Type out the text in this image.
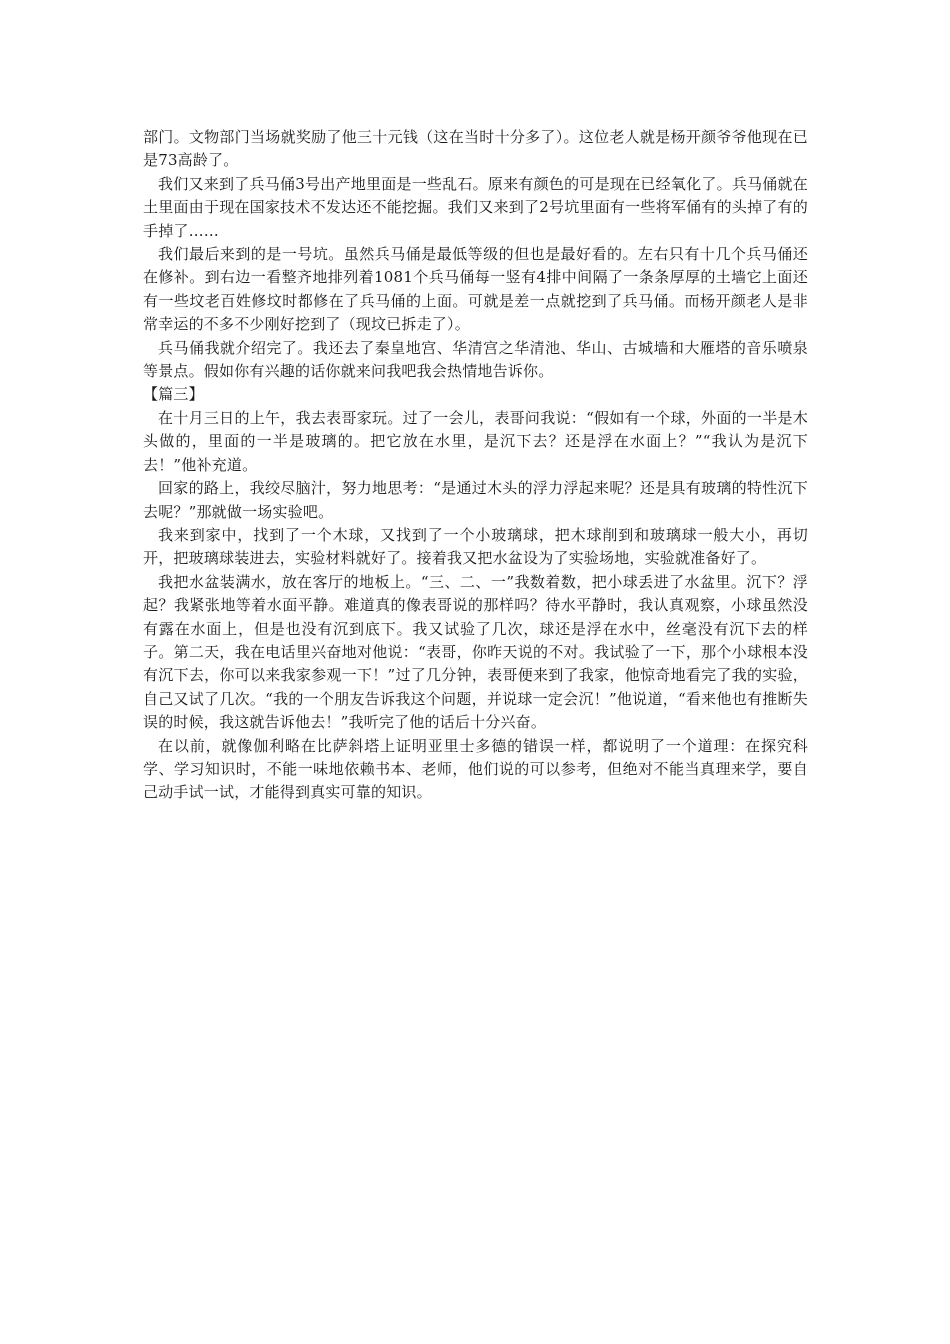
部门。文物部门当场就奖励了他三十元钱（这在当时十分多了）。这位老人就是杨开颜爷爷他现在已是73高龄了。

我们又来到了兵马俑3号出产地里面是一些乱石。原来有颜色的可是现在已经氧化了。兵马俑就在土里面由于现在国家技术不发达还不能挖掘。我们又来到了2号坑里面有一些将军俑有的头掉了有的手掉了……

我们最后来到的是一号坑。虽然兵马俑是最低等级的但也是最好看的。左右只有十几个兵马俑还在修补。到右边一看整齐地排列着1081个兵马俑每一竖有4排中间隔了一条条厚厚的土墙它上面还有一些坟老百姓修坟时都修在了兵马俑的上面。可就是差一点就挖到了兵马俑。而杨开颜老人是非常幸运的不多不少刚好挖到了（现坟已拆走了）。

兵马俑我就介绍完了。我还去了秦皇地宫、华清宫之华清池、华山、古城墙和大雁塔的音乐喷泉等景点。假如你有兴趣的话你就来问我吧我会热情地告诉你。

【篇三】

在十月三日的上午，我去表哥家玩。过了一会儿，表哥问我说：“假如有一个球，外面的一半是木头做的，里面的一半是玻璃的。把它放在水里，是沉下去？还是浮在水面上？”“我认为是沉下去！”他补充道。

回家的路上，我绞尽脑汁，努力地思考：“是通过木头的浮力浮起来呢？还是具有玻璃的特性沉下去呢？”那就做一场实验吧。

我来到家中，找到了一个木球，又找到了一个小玻璃球，把木球削到和玻璃球一般大小，再切开，把玻璃球装进去，实验材料就好了。接着我又把水盆设为了实验场地，实验就准备好了。

我把水盆装满水，放在客厅的地板上。“三、二、一”我数着数，把小球丢进了水盆里。沉下？浮起？我紧张地等着水面平静。难道真的像表哥说的那样吗？待水平静时，我认真观察，小球虽然没有露在水面上，但是也没有沉到底下。我又试验了几次，球还是浮在水中，丝毫没有沉下去的样子。第二天，我在电话里兴奋地对他说：“表哥，你昨天说的不对。我试验了一下，那个小球根本没有沉下去，你可以来我家参观一下！”过了几分钟，表哥便来到了我家，他惊奇地看完了我的实验，自己又试了几次。“我的一个朋友告诉我这个问题，并说球一定会沉！”他说道，“看来他也有推断失误的时候，我这就告诉他去！”我听完了他的话后十分兴奋。

在以前，就像伽利略在比萨斜塔上证明亚里士多德的错误一样，都说明了一个道理：在探究科学、学习知识时，不能一味地依赖书本、老师，他们说的可以参考，但绝对不能当真理来学，要自己动手试一试，才能得到真实可靠的知识。
